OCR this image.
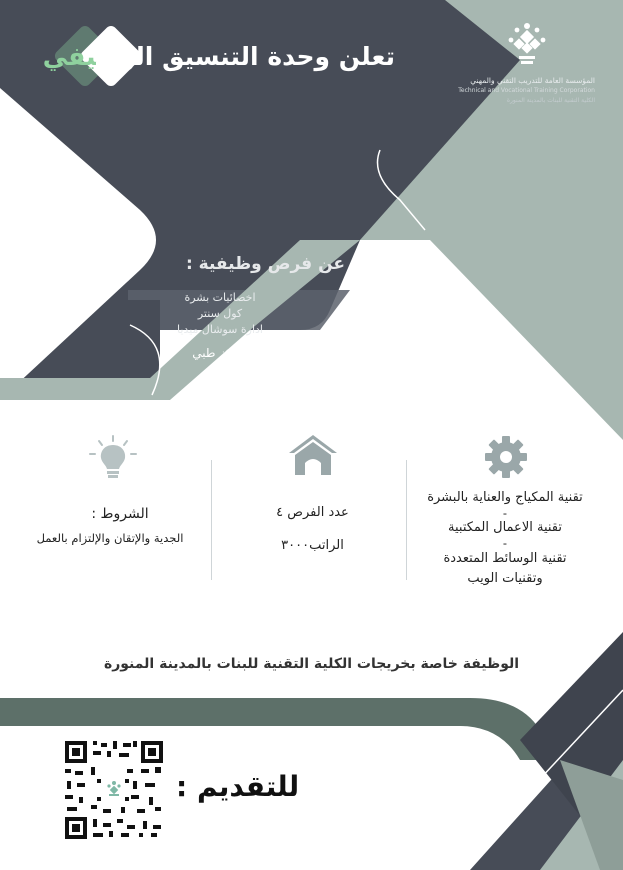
تعلن وحدة التنسيق الوظيفي
المؤسسة العامة للتدريب التقني والمهني
Technical and Vocational Training Corporation
الكلية التقنية للبنات بالمدينة المنورة
عن فرص وظيفية :
اخصائيات بشرة
كول سنتر
ادارة سوشال ميديا
لدى مركز طبي
تقنية المكياج والعناية بالبشرة
-
تقنية الاعمال المكتبية
-
تقنية الوسائط المتعددة
وتقنيات الويب
عدد الفرص ٤
الراتب٣٠٠٠
الشروط :
الجدية والإتقان والإلتزام بالعمل
الوظيفة خاصة بخريجات الكلية التقنية للبنات بالمدينة المنورة
للتقديم :
